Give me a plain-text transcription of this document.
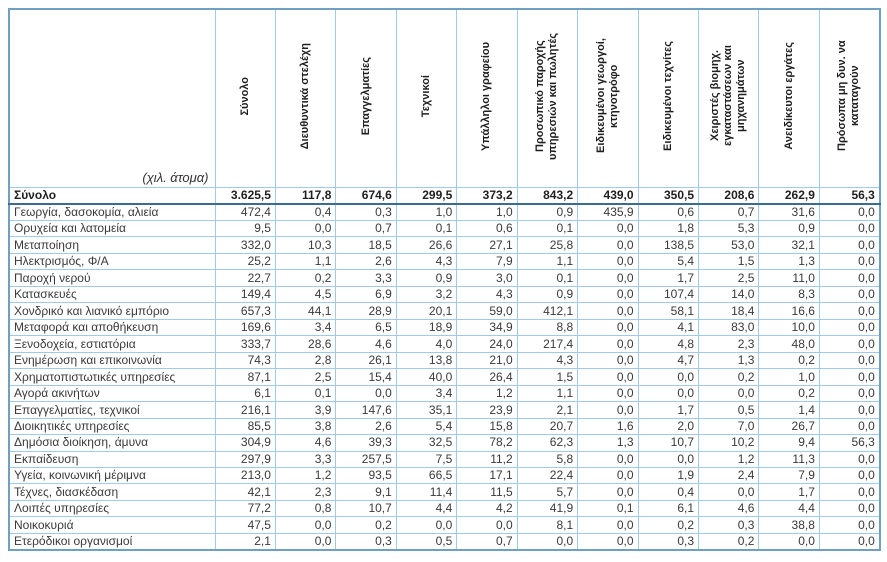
(χιλ. άτομα)	Σύνολο	Διευθυντικά στελέχη	Επαγγελματίες	Τεχνικοί	Υπάλληλοι γραφείου	Προσωπικό παροχής υπηρεσιών και πωλητές	Ειδικευμένοι γεωργοί, κτηνοτρόφο	Ειδικευμένοι τεχνίτες	Χειριστές βιομηχ. εγκαταστάσεων και μηχανημάτων	Ανειδίκευτοι εργάτες	Πρόσωπα μη δυν. να καταταγούν
Σύνολο	3.625,5	117,8	674,6	299,5	373,2	843,2	439,0	350,5	208,6	262,9	56,3
Γεωργία, δασοκομία, αλιεία	472,4	0,4	0,3	1,0	1,0	0,9	435,9	0,6	0,7	31,6	0,0
Ορυχεία και λατομεία	9,5	0,0	0,7	0,1	0,6	0,1	0,0	1,8	5,3	0,9	0,0
Μεταποίηση	332,0	10,3	18,5	26,6	27,1	25,8	0,0	138,5	53,0	32,1	0,0
Ηλεκτρισμός, Φ/Α	25,2	1,1	2,6	4,3	7,9	1,1	0,0	5,4	1,5	1,3	0,0
Παροχή νερού	22,7	0,2	3,3	0,9	3,0	0,1	0,0	1,7	2,5	11,0	0,0
Κατασκευές	149,4	4,5	6,9	3,2	4,3	0,9	0,0	107,4	14,0	8,3	0,0
Χονδρικό και λιανικό εμπόριο	657,3	44,1	28,9	20,1	59,0	412,1	0,0	58,1	18,4	16,6	0,0
Μεταφορά και αποθήκευση	169,6	3,4	6,5	18,9	34,9	8,8	0,0	4,1	83,0	10,0	0,0
Ξενοδοχεία, εστιατόρια	333,7	28,6	4,6	4,0	24,0	217,4	0,0	4,8	2,3	48,0	0,0
Ενημέρωση και επικοινωνία	74,3	2,8	26,1	13,8	21,0	4,3	0,0	4,7	1,3	0,2	0,0
Χρηματοπιστωτικές υπηρεσίες	87,1	2,5	15,4	40,0	26,4	1,5	0,0	0,0	0,2	1,0	0,0
Αγορά ακινήτων	6,1	0,1	0,0	3,4	1,2	1,1	0,0	0,0	0,0	0,2	0,0
Επαγγελματίες, τεχνικοί	216,1	3,9	147,6	35,1	23,9	2,1	0,0	1,7	0,5	1,4	0,0
Διοικητικές υπηρεσίες	85,5	3,8	2,6	5,4	15,8	20,7	1,6	2,0	7,0	26,7	0,0
Δημόσια διοίκηση, άμυνα	304,9	4,6	39,3	32,5	78,2	62,3	1,3	10,7	10,2	9,4	56,3
Εκπαίδευση	297,9	3,3	257,5	7,5	11,2	5,8	0,0	0,0	1,2	11,3	0,0
Υγεία, κοινωνική μέριμνα	213,0	1,2	93,5	66,5	17,1	22,4	0,0	1,9	2,4	7,9	0,0
Τέχνες, διασκέδαση	42,1	2,3	9,1	11,4	11,5	5,7	0,0	0,4	0,0	1,7	0,0
Λοιπές υπηρεσίες	77,2	0,8	10,7	4,4	4,2	41,9	0,1	6,1	4,6	4,4	0,0
Νοικοκυριά	47,5	0,0	0,2	0,0	0,0	8,1	0,0	0,2	0,3	38,8	0,0
Ετερόδικοι οργανισμοί	2,1	0,0	0,3	0,5	0,7	0,0	0,0	0,3	0,2	0,0	0,0
